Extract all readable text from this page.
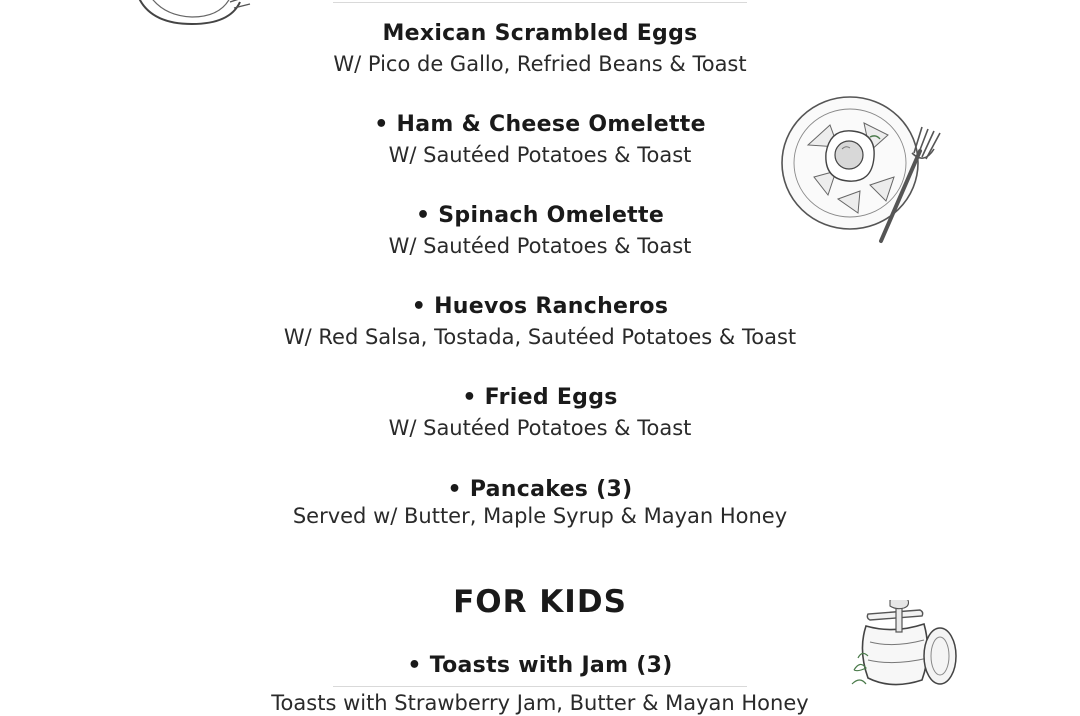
Mexican Scrambled Eggs
W/ Pico de Gallo, Refried Beans & Toast
• Ham & Cheese Omelette
W/ Sautéed Potatoes & Toast
• Spinach Omelette
W/ Sautéed Potatoes & Toast
• Huevos Rancheros
W/ Red Salsa, Tostada, Sautéed Potatoes & Toast
• Fried Eggs
W/ Sautéed Potatoes & Toast
• Pancakes (3)
Served w/ Butter, Maple Syrup & Mayan Honey
FOR KIDS
• Toasts with Jam (3)
Toasts with Strawberry Jam, Butter & Mayan Honey
